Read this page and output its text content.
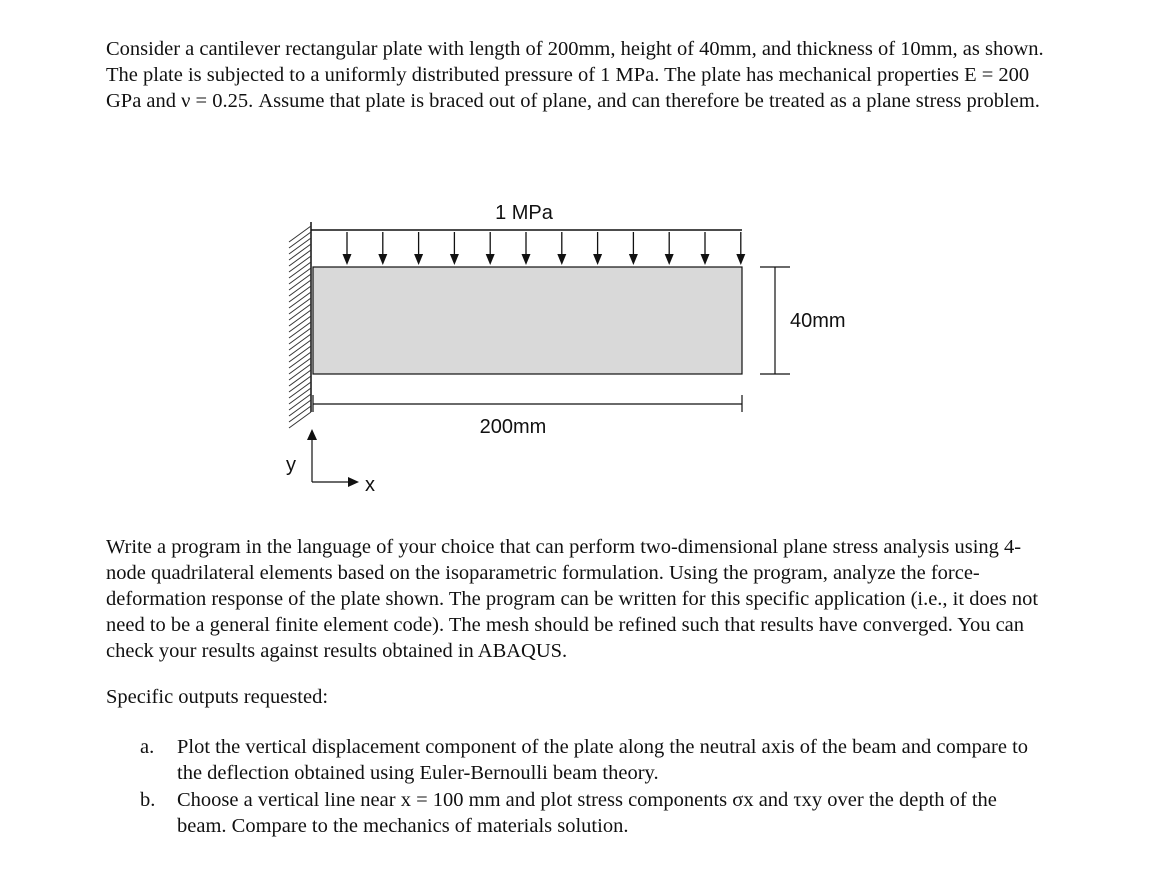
Consider a cantilever rectangular plate with length of 200mm, height of 40mm, and thickness of 10mm, as shown. The plate is subjected to a uniformly distributed pressure of 1 MPa. The plate has mechanical properties E = 200 GPa and ν = 0.25. Assume that plate is braced out of plane, and can therefore be treated as a plane stress problem.
1 MPa
40mm
200mm
y
x
Write a program in the language of your choice that can perform two-dimensional plane stress analysis using 4-node quadrilateral elements based on the isoparametric formulation. Using the program, analyze the force-deformation response of the plate shown. The program can be written for this specific application (i.e., it does not need to be a general finite element code). The mesh should be refined such that results have converged. You can check your results against results obtained in ABAQUS.
Specific outputs requested:
a. Plot the vertical displacement component of the plate along the neutral axis of the beam and compare to the deflection obtained using Euler-Bernoulli beam theory.
b. Choose a vertical line near x = 100 mm and plot stress components σx and τxy over the depth of the beam. Compare to the mechanics of materials solution.
